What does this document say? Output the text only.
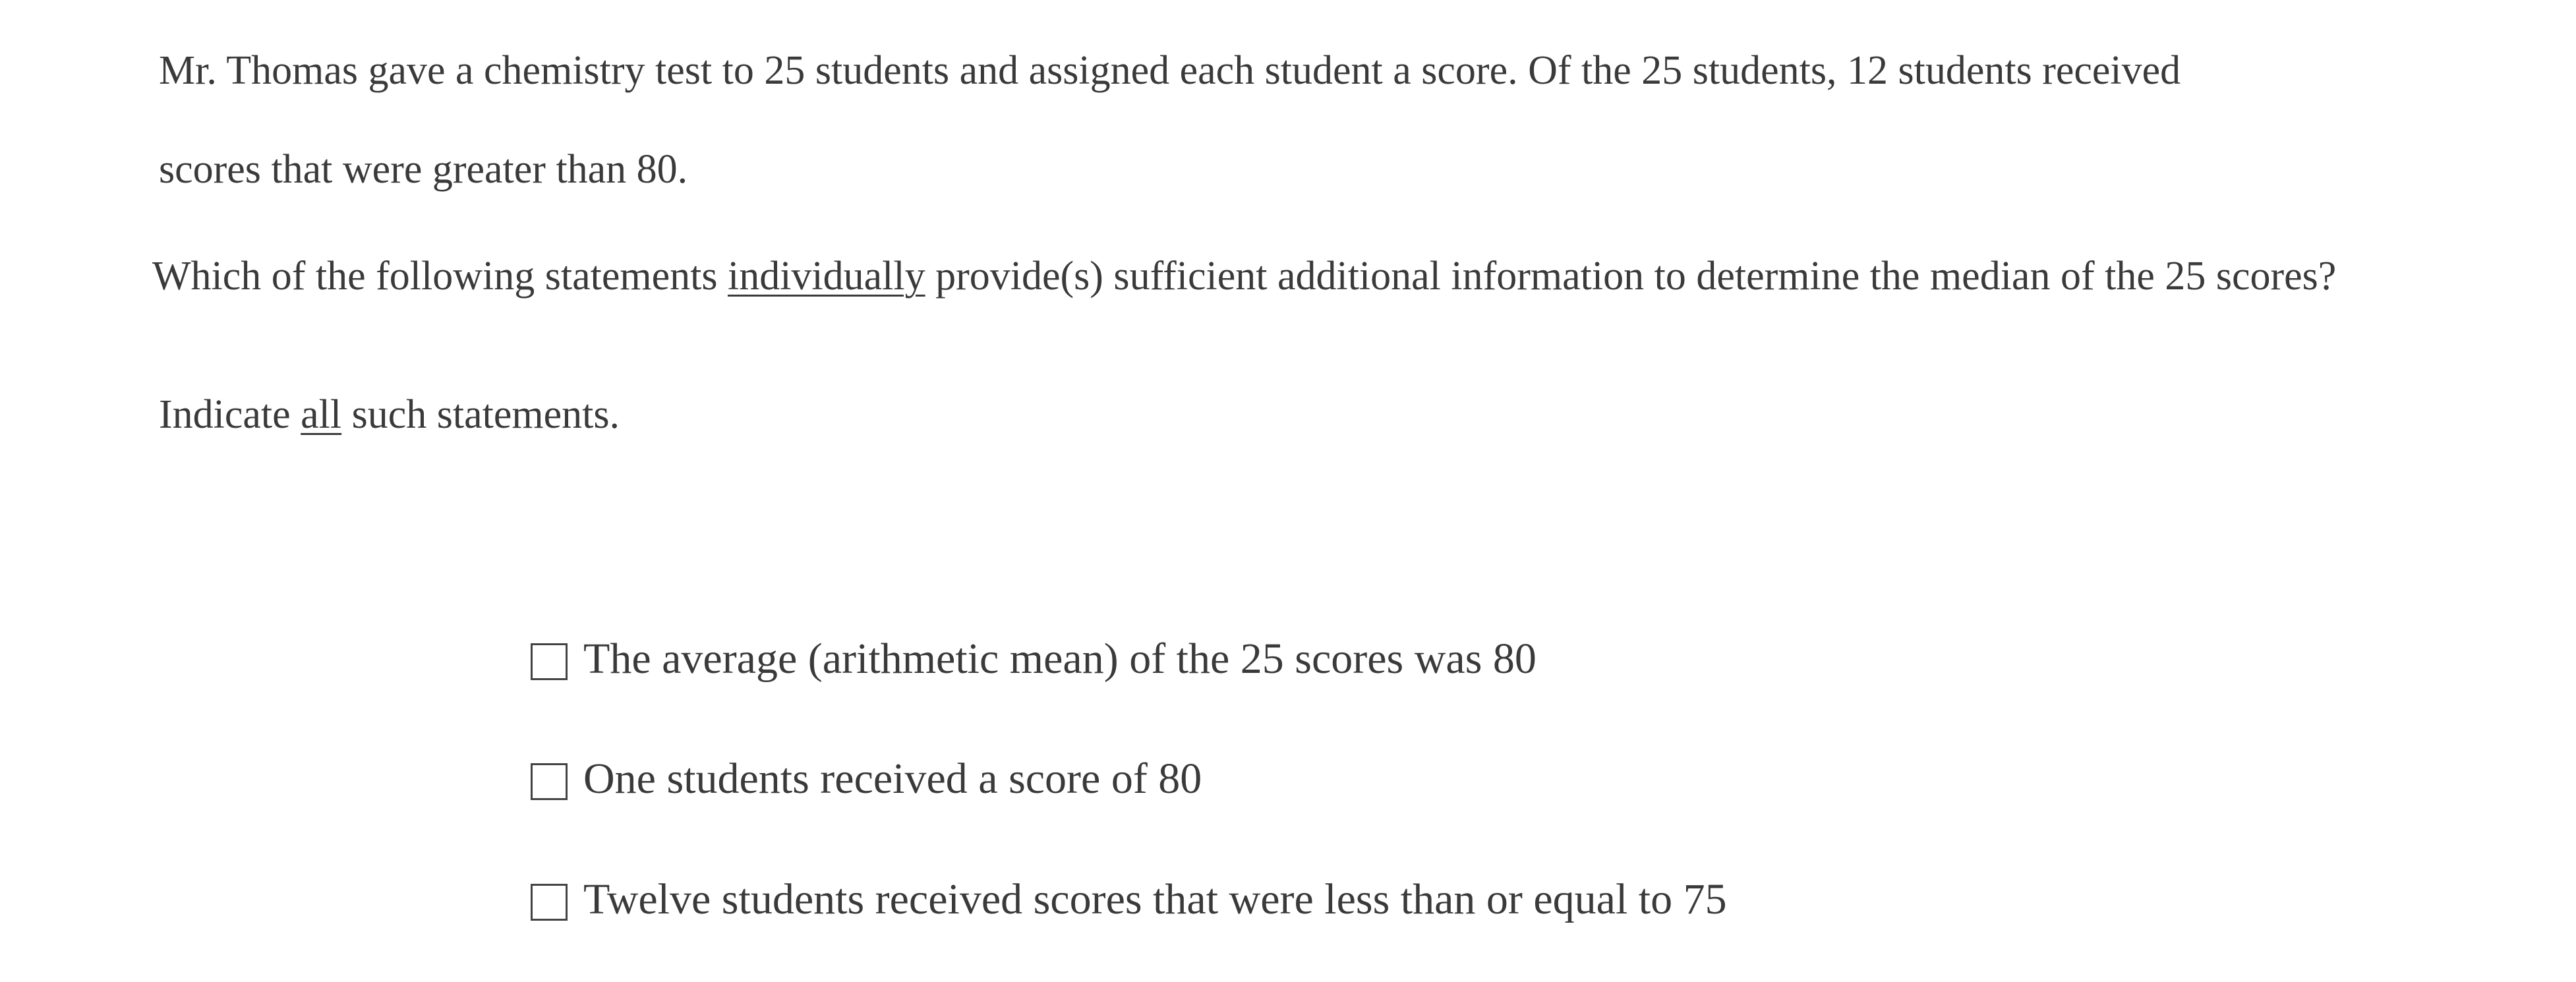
Mr. Thomas gave a chemistry test to 25 students and assigned each student a score. Of the 25 students, 12 students received
scores that were greater than 80.
Which of the following statements individually provide(s) sufficient additional information to determine the median of the 25 scores?
Indicate all such statements.
The average (arithmetic mean) of the 25 scores was 80
One students received a score of 80
Twelve students received scores that were less than or equal to 75
